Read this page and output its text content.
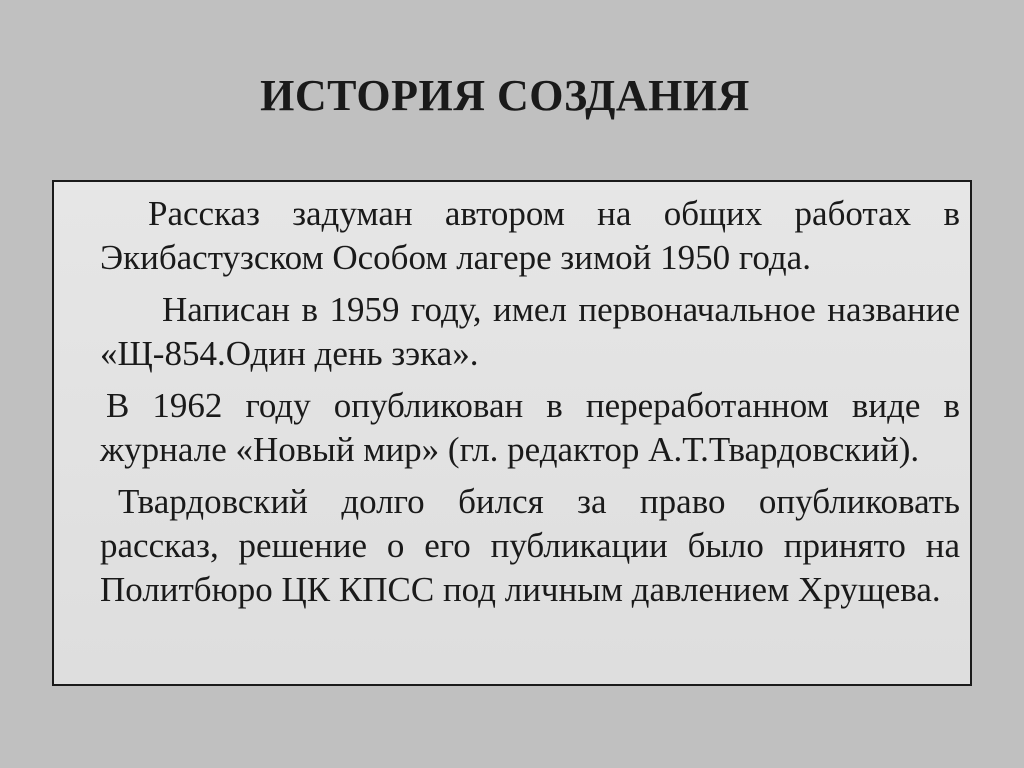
ИСТОРИЯ СОЗДАНИЯ

Рассказ задуман автором на общих работах в Экибастузском Особом лагере зимой 1950 года.

Написан в 1959 году, имел первоначальное название «Щ-854.Один день зэка».

В 1962 году опубликован в переработанном виде в журнале «Новый мир» (гл. редактор А.Т.Твардовский).

Твардовский долго бился за право опубликовать рассказ, решение о его публикации было принято на Политбюро ЦК КПСС под личным давлением Хрущева.
